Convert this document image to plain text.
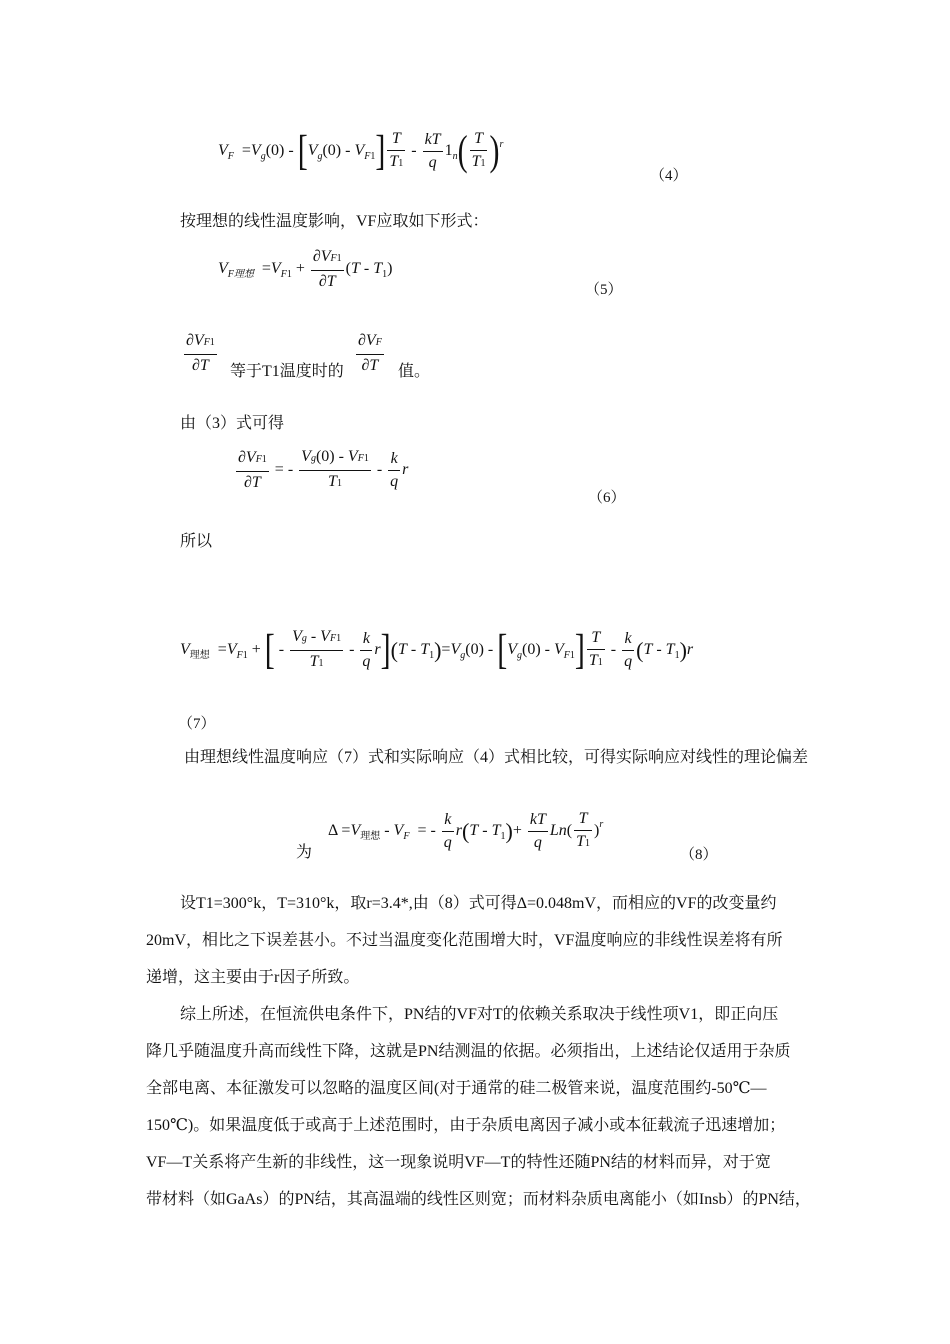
$V_F =V_g(0) - [V_g(0) - V_{F1}] \frac{T}{T1} - \frac{kT}{q} 1_n( \frac{T}{T1} )^r$
（4）
按理想的线性温度影响，VF应取如下形式：
$V_{F理想} =V_{F1} + \frac{\partial VF1}{\partial T} (T - T_1)$
（5）
$\frac{\partial VF1}{\partial T}$ 等于T1温度时的 $\frac{\partial VF}{\partial T}$ 值。
由（3）式可得
$\frac{\partial VF1}{\partial T}$ = - $\frac{Vg(0) - VF1}{T1} - \frac{k}{q}$ r
（6）
所以
$V_{理想} =V_{F1}$ + [ - $\frac{Vg - VF1}{T1} - \frac{k}{q} r](T - T_1)=V_g(0) - [V_g(0) - V_{F1}] \frac{T}{T1} - \frac{k}{q} (T - T_1)r$
（7）
由理想线性温度响应（7）式和实际响应（4）式相比较，可得实际响应对线性的理论偏差
为
$\Delta =V_{理想} - V_F$  = - $\frac{k}{q} r(T - T_1)+ \frac{kT}{q} Ln( \frac{T}{T1} )^r$
（8）
设T1=300°k，T=310°k，取r=3.4*,由（8）式可得Δ=0.048mV，而相应的VF的改变量约
20mV，相比之下误差甚小。不过当温度变化范围增大时，VF温度响应的非线性误差将有所
递增，这主要由于r因子所致。
综上所述，在恒流供电条件下，PN结的VF对T的依赖关系取决于线性项V1，即正向压
降几乎随温度升高而线性下降，这就是PN结测温的依据。必须指出，上述结论仅适用于杂质
全部电离、本征激发可以忽略的温度区间(对于通常的硅二极管来说，温度范围约-50℃—
150℃)。如果温度低于或高于上述范围时，由于杂质电离因子减小或本征载流子迅速增加；
VF—T关系将产生新的非线性，这一现象说明VF—T的特性还随PN结的材料而异，对于宽
带材料（如GaAs）的PN结，其高温端的线性区则宽；而材料杂质电离能小（如Insb）的PN结，
